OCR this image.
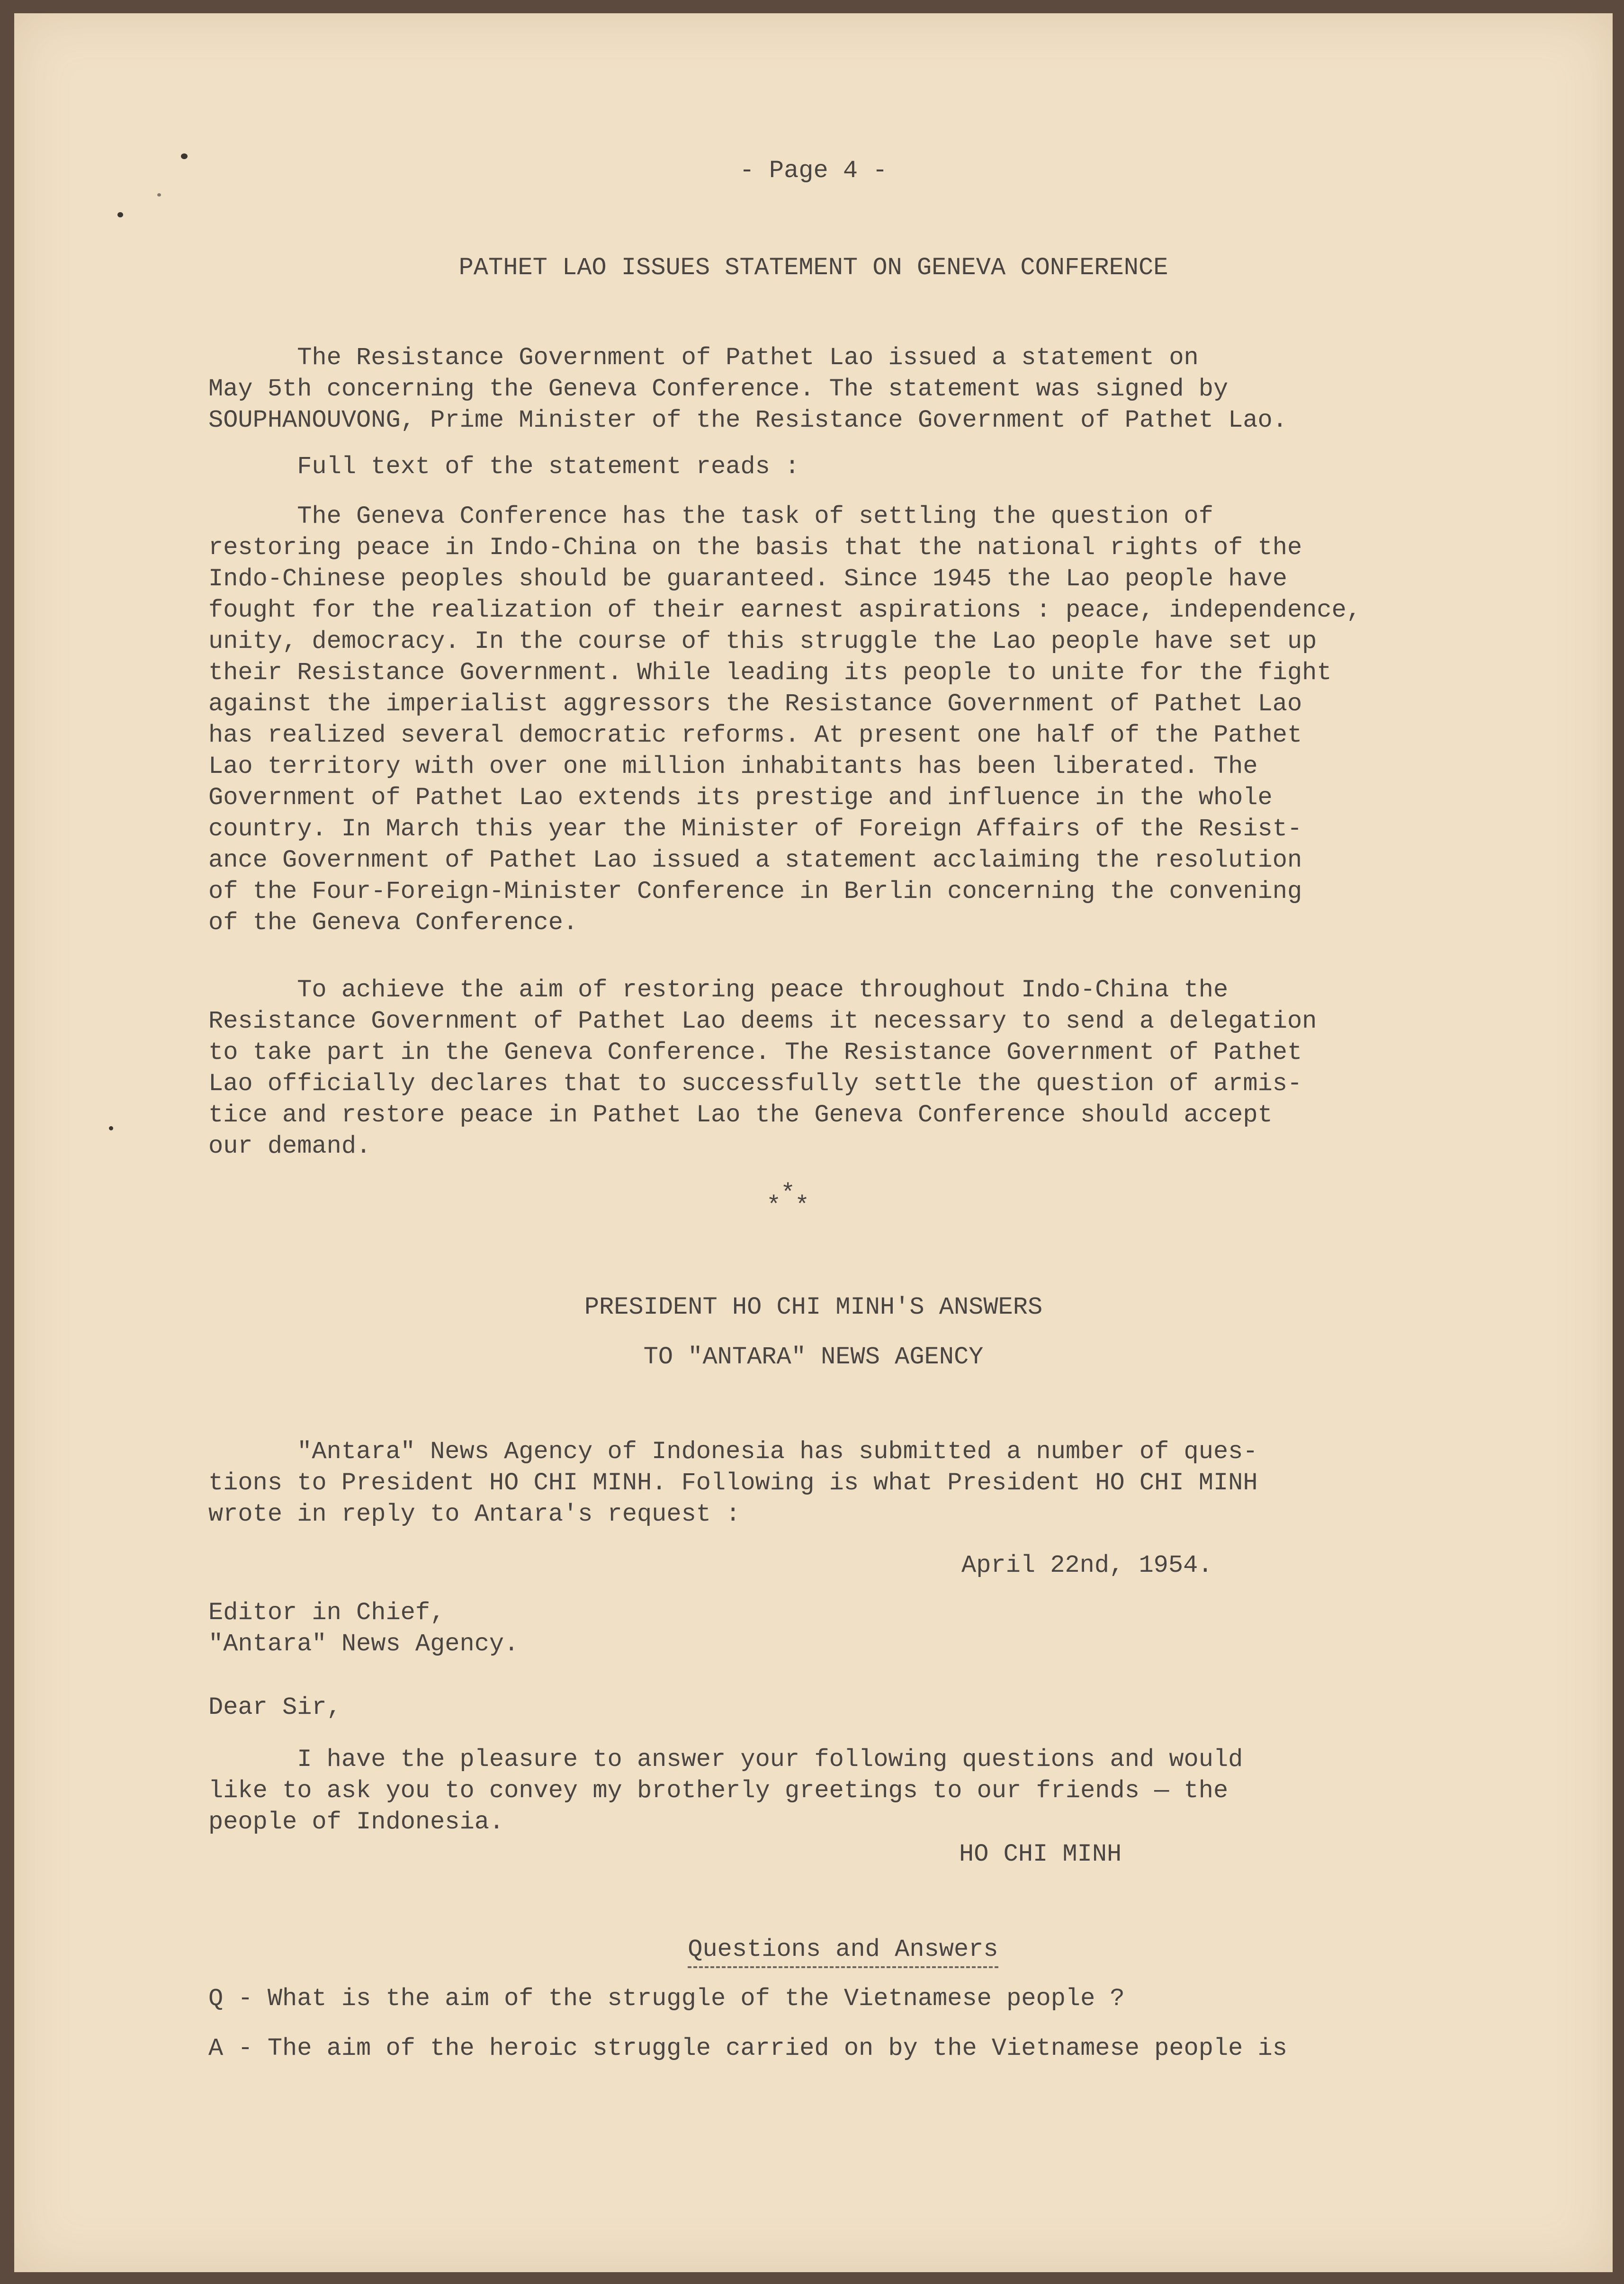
- Page 4 -
PATHET LAO ISSUES STATEMENT ON GENEVA CONFERENCE

The Resistance Government of Pathet Lao issued a statement on

May 5th concerning the Geneva Conference. The statement was signed by

SOUPHANOUVONG, Prime Minister of the Resistance Government of Pathet Lao.

Full text of the statement reads :

The Geneva Conference has the task of settling the question of

restoring peace in Indo-China on the basis that the national rights of the

Indo-Chinese peoples should be guaranteed. Since 1945 the Lao people have

fought for the realization of their earnest aspirations : peace, independence,

unity, democracy. In the course of this struggle the Lao people have set up

their Resistance Government. While leading its people to unite for the fight

against the imperialist aggressors the Resistance Government of Pathet Lao

has realized several democratic reforms. At present one half of the Pathet

Lao territory with over one million inhabitants has been liberated. The

Government of Pathet Lao extends its prestige and influence in the whole

country. In March this year the Minister of Foreign Affairs of the Resist-

ance Government of Pathet Lao issued a statement acclaiming the resolution

of the Four-Foreign-Minister Conference in Berlin concerning the convening

of the Geneva Conference.

To achieve the aim of restoring peace throughout Indo-China the

Resistance Government of Pathet Lao deems it necessary to send a delegation

to take part in the Geneva Conference. The Resistance Government of Pathet

Lao officially declares that to successfully settle the question of armis-

tice and restore peace in Pathet Lao the Geneva Conference should accept

our demand.

*
* *
PRESIDENT HO CHI MINH'S ANSWERS
TO "ANTARA" NEWS AGENCY

"Antara" News Agency of Indonesia has submitted a number of ques-

tions to President HO CHI MINH. Following is what President HO CHI MINH

wrote in reply to Antara's request :

April 22nd, 1954.

Editor in Chief,

"Antara" News Agency.

Dear Sir,

I have the pleasure to answer your following questions and would

like to ask you to convey my brotherly greetings to our friends — the

people of Indonesia.

HO CHI MINH

Questions and Answers

Q - What is the aim of the struggle of the Vietnamese people ?
A - The aim of the heroic struggle carried on by the Vietnamese people is
